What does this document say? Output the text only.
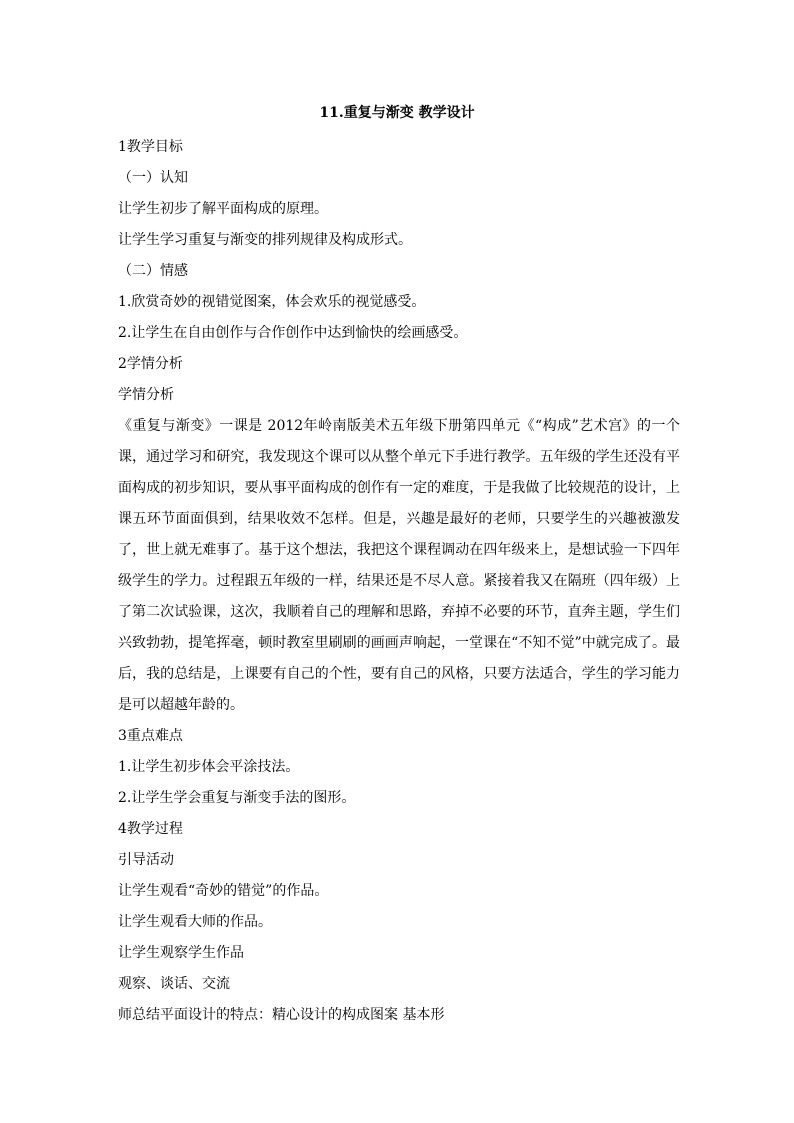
11.重复与渐变 教学设计

1教学目标

（一）认知

让学生初步了解平面构成的原理。

让学生学习重复与渐变的排列规律及构成形式。

（二）情感

1.欣赏奇妙的视错觉图案，体会欢乐的视觉感受。

2.让学生在自由创作与合作创作中达到愉快的绘画感受。

2学情分析

学情分析

《重复与渐变》一课是 2012年岭南版美术五年级下册第四单元《“构成”艺术宫》的一个课，通过学习和研究，我发现这个课可以从整个单元下手进行教学。五年级的学生还没有平面构成的初步知识，要从事平面构成的创作有一定的难度，于是我做了比较规范的设计，上课五环节面面俱到，结果收效不怎样。但是，兴趣是最好的老师，只要学生的兴趣被激发了，世上就无难事了。基于这个想法，我把这个课程调动在四年级来上，是想试验一下四年级学生的学力。过程跟五年级的一样，结果还是不尽人意。紧接着我又在隔班（四年级）上了第二次试验课，这次，我顺着自己的理解和思路，弃掉不必要的环节，直奔主题，学生们兴致勃勃，提笔挥毫，顿时教室里刷刷的画画声响起，一堂课在“不知不觉”中就完成了。最后，我的总结是，上课要有自己的个性，要有自己的风格，只要方法适合，学生的学习能力是可以超越年龄的。

3重点难点

1.让学生初步体会平涂技法。

2.让学生学会重复与渐变手法的图形。

4教学过程

引导活动

让学生观看“奇妙的错觉”的作品。

让学生观看大师的作品。

让学生观察学生作品

观察、谈话、交流

师总结平面设计的特点：精心设计的构成图案 基本形
